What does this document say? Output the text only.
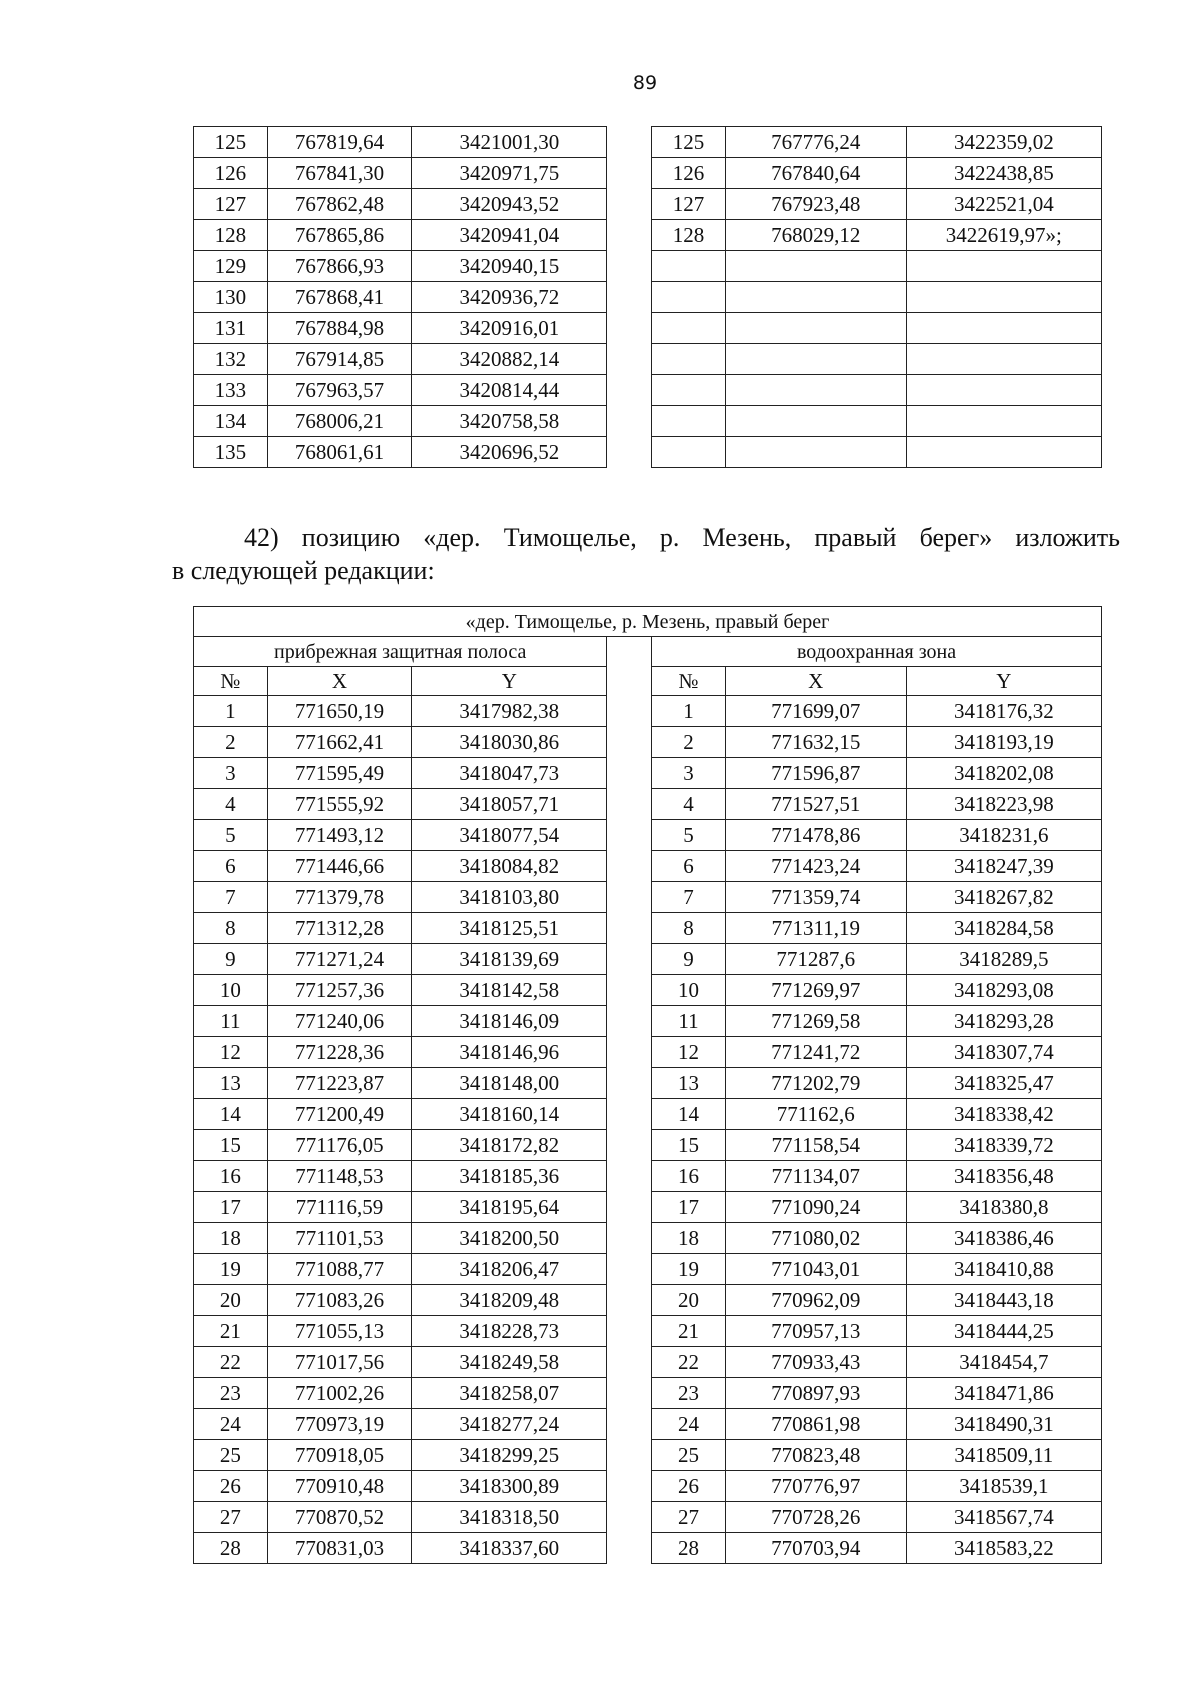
89
125	767819,64	3421001,30		125	767776,24	3422359,02
126	767841,30	3420971,75		126	767840,64	3422438,85
127	767862,48	3420943,52		127	767923,48	3422521,04
128	767865,86	3420941,04		128	768029,12	3422619,97»;
129	767866,93	3420940,15				
130	767868,41	3420936,72				
131	767884,98	3420916,01				
132	767914,85	3420882,14				
133	767963,57	3420814,44				
134	768006,21	3420758,58				
135	768061,61	3420696,52				
42) позицию «дер. Тимощелье, р. Мезень, правый берег» изложить
в следующей редакции:
«дер. Тимощелье, р. Мезень, правый берег						
прибрежная защитная полоса				водоохранная зона		
№	X	Y		№	X	Y
1	771650,19	3417982,38		1	771699,07	3418176,32
2	771662,41	3418030,86		2	771632,15	3418193,19
3	771595,49	3418047,73		3	771596,87	3418202,08
4	771555,92	3418057,71		4	771527,51	3418223,98
5	771493,12	3418077,54		5	771478,86	3418231,6
6	771446,66	3418084,82		6	771423,24	3418247,39
7	771379,78	3418103,80		7	771359,74	3418267,82
8	771312,28	3418125,51		8	771311,19	3418284,58
9	771271,24	3418139,69		9	771287,6	3418289,5
10	771257,36	3418142,58		10	771269,97	3418293,08
11	771240,06	3418146,09		11	771269,58	3418293,28
12	771228,36	3418146,96		12	771241,72	3418307,74
13	771223,87	3418148,00		13	771202,79	3418325,47
14	771200,49	3418160,14		14	771162,6	3418338,42
15	771176,05	3418172,82		15	771158,54	3418339,72
16	771148,53	3418185,36		16	771134,07	3418356,48
17	771116,59	3418195,64		17	771090,24	3418380,8
18	771101,53	3418200,50		18	771080,02	3418386,46
19	771088,77	3418206,47		19	771043,01	3418410,88
20	771083,26	3418209,48		20	770962,09	3418443,18
21	771055,13	3418228,73		21	770957,13	3418444,25
22	771017,56	3418249,58		22	770933,43	3418454,7
23	771002,26	3418258,07		23	770897,93	3418471,86
24	770973,19	3418277,24		24	770861,98	3418490,31
25	770918,05	3418299,25		25	770823,48	3418509,11
26	770910,48	3418300,89		26	770776,97	3418539,1
27	770870,52	3418318,50		27	770728,26	3418567,74
28	770831,03	3418337,60		28	770703,94	3418583,22
